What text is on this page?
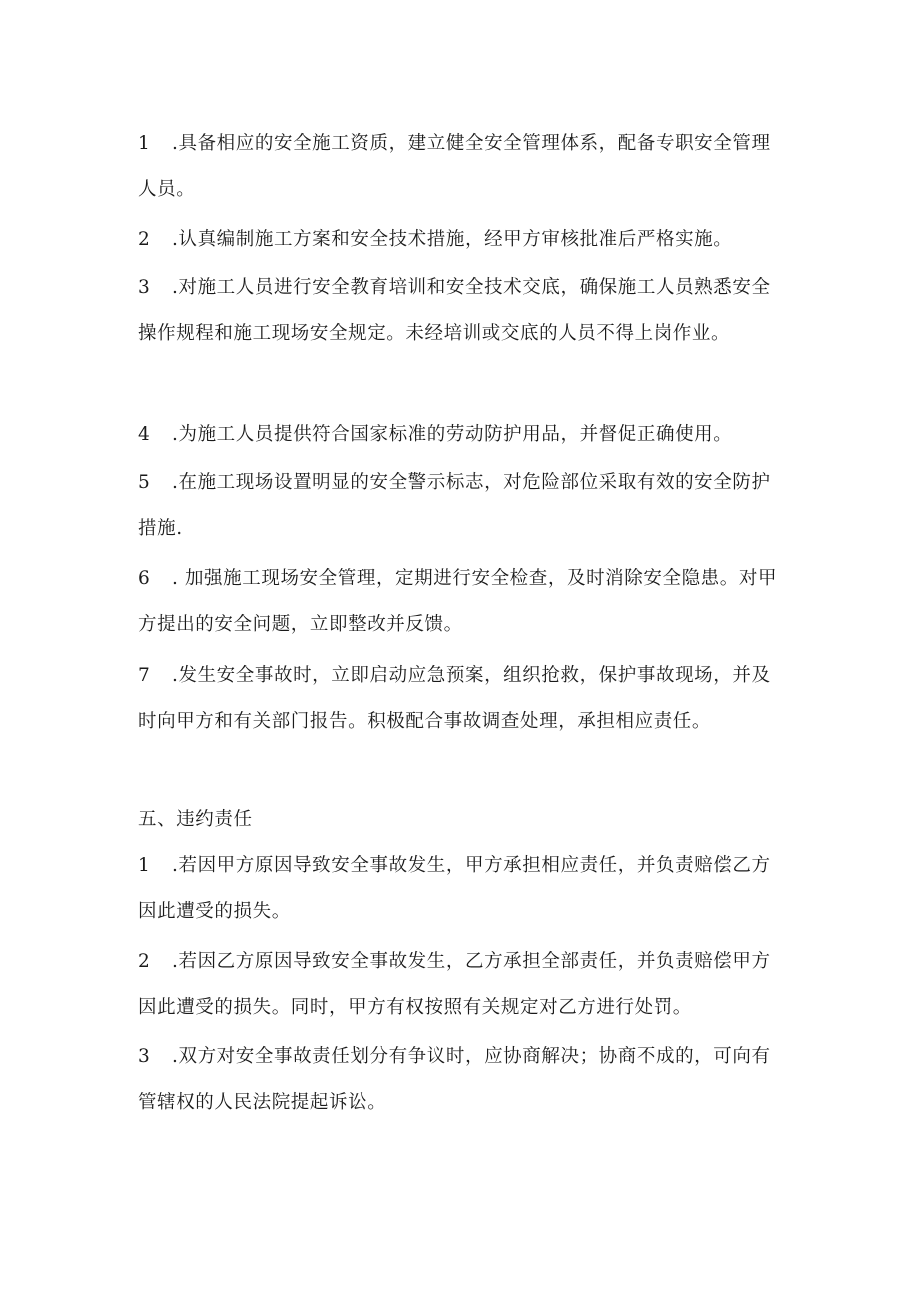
1 .具备相应的安全施工资质，建立健全安全管理体系，配备专职安全管理人员。

2 .认真编制施工方案和安全技术措施，经甲方审核批准后严格实施。

3 .对施工人员进行安全教育培训和安全技术交底，确保施工人员熟悉安全操作规程和施工现场安全规定。未经培训或交底的人员不得上岗作业。

4 .为施工人员提供符合国家标准的劳动防护用品，并督促正确使用。

5 .在施工现场设置明显的安全警示标志，对危险部位采取有效的安全防护措施.

6 . 加强施工现场安全管理，定期进行安全检查，及时消除安全隐患。对甲方提出的安全问题，立即整改并反馈。

7 .发生安全事故时，立即启动应急预案，组织抢救，保护事故现场，并及时向甲方和有关部门报告。积极配合事故调查处理，承担相应责任。

五、违约责任

1 .若因甲方原因导致安全事故发生，甲方承担相应责任，并负责赔偿乙方因此遭受的损失。

2 .若因乙方原因导致安全事故发生，乙方承担全部责任，并负责赔偿甲方因此遭受的损失。同时，甲方有权按照有关规定对乙方进行处罚。

3 .双方对安全事故责任划分有争议时，应协商解决；协商不成的，可向有管辖权的人民法院提起诉讼。
